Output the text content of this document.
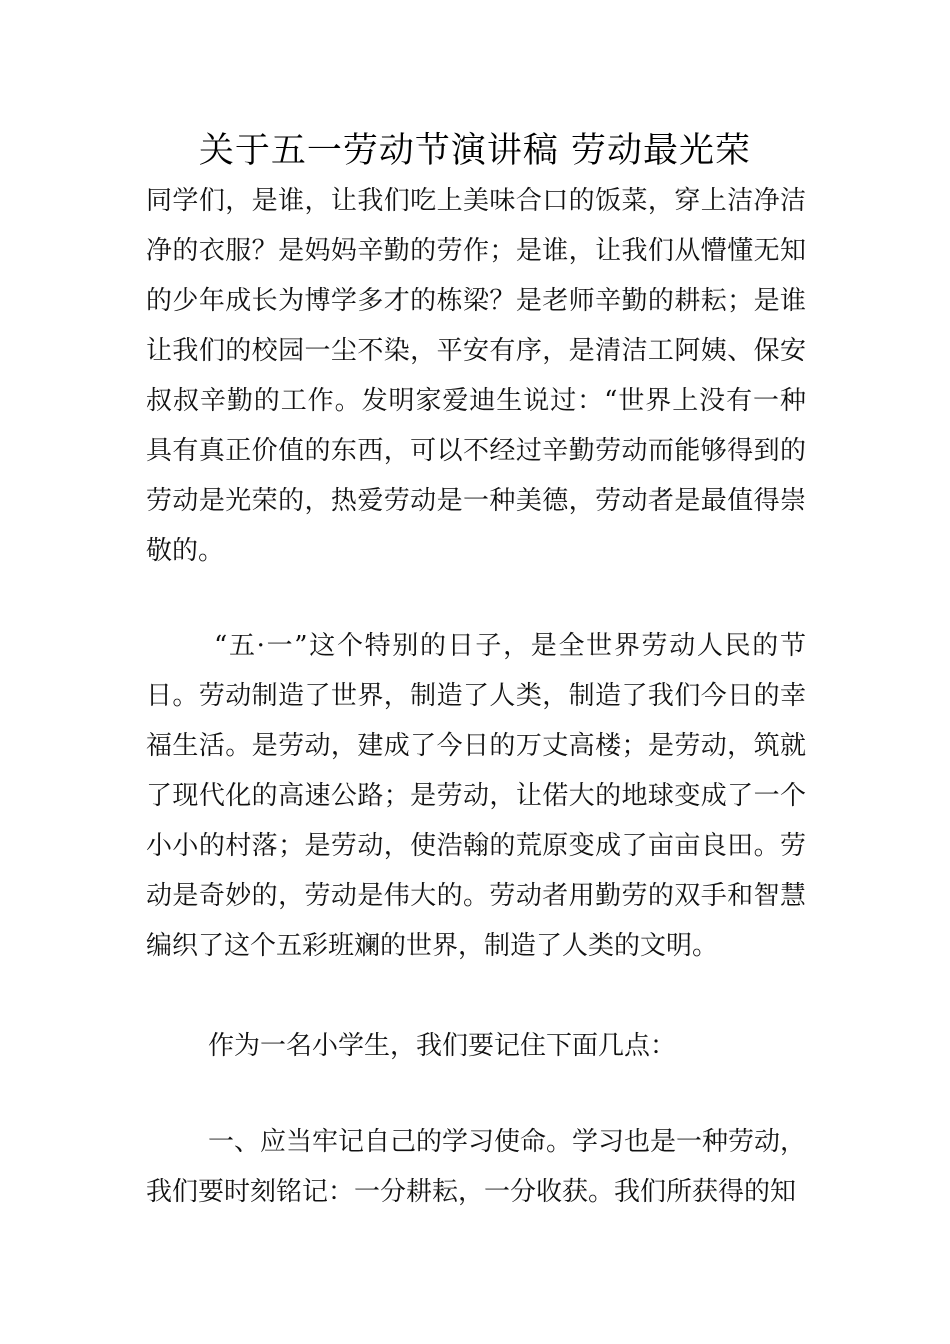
关于五一劳动节演讲稿 劳动最光荣

同学们，是谁，让我们吃上美味合口的饭菜，穿上洁净洁净的衣服？是妈妈辛勤的劳作；是谁，让我们从懵懂无知的少年成长为博学多才的栋梁？是老师辛勤的耕耘；是谁让我们的校园一尘不染，平安有序，是清洁工阿姨、保安叔叔辛勤的工作。发明家爱迪生说过：“世界上没有一种具有真正价值的东西，可以不经过辛勤劳动而能够得到的劳动是光荣的，热爱劳动是一种美德，劳动者是最值得崇敬的。

“五·一”这个特别的日子，是全世界劳动人民的节日。劳动制造了世界，制造了人类，制造了我们今日的幸福生活。是劳动，建成了今日的万丈高楼；是劳动，筑就了现代化的高速公路；是劳动，让偌大的地球变成了一个小小的村落；是劳动，使浩翰的荒原变成了亩亩良田。劳动是奇妙的，劳动是伟大的。劳动者用勤劳的双手和智慧编织了这个五彩班斓的世界，制造了人类的文明。

作为一名小学生，我们要记住下面几点：

一、应当牢记自己的学习使命。学习也是一种劳动，我们要时刻铭记：一分耕耘，一分收获。我们所获得的知
